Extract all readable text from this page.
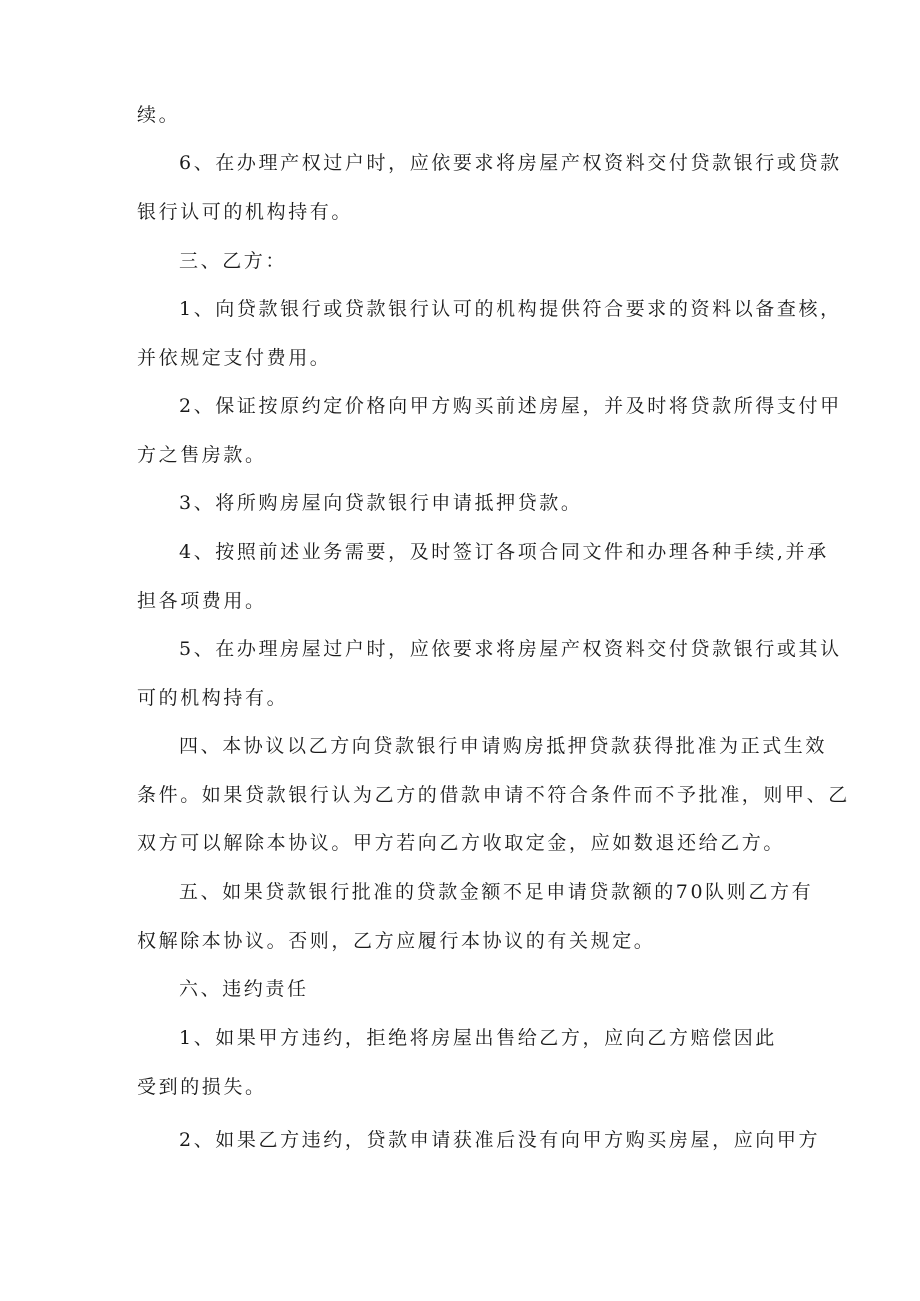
续。
6、在办理产权过户时，应依要求将房屋产权资料交付贷款银行或贷款
银行认可的机构持有。
三、乙方：
1、向贷款银行或贷款银行认可的机构提供符合要求的资料以备查核，
并依规定支付费用。
2、保证按原约定价格向甲方购买前述房屋，并及时将贷款所得支付甲
方之售房款。
3、将所购房屋向贷款银行申请抵押贷款。
4、按照前述业务需要，及时签订各项合同文件和办理各种手续,并承
担各项费用。
5、在办理房屋过户时，应依要求将房屋产权资料交付贷款银行或其认
可的机构持有。
四、本协议以乙方向贷款银行申请购房抵押贷款获得批准为正式生效
条件。如果贷款银行认为乙方的借款申请不符合条件而不予批准，则甲、乙
双方可以解除本协议。甲方若向乙方收取定金，应如数退还给乙方。
五、如果贷款银行批准的贷款金额不足申请贷款额的70队则乙方有
权解除本协议。否则，乙方应履行本协议的有关规定。
六、违约责任
1、如果甲方违约，拒绝将房屋出售给乙方，应向乙方赔偿因此
受到的损失。
2、如果乙方违约，贷款申请获准后没有向甲方购买房屋，应向甲方
